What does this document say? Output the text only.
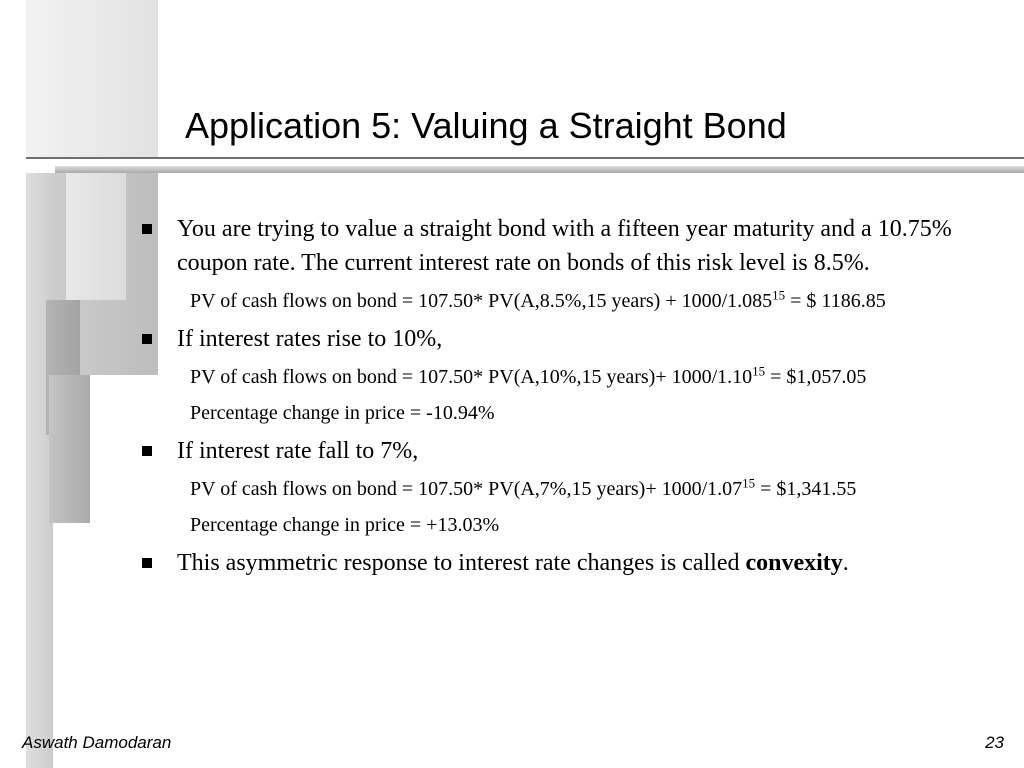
Application 5: Valuing a Straight Bond
You are trying to value a straight bond with a fifteen year maturity and a 10.75% coupon rate. The current interest rate on bonds of this risk level is 8.5%.
PV of cash flows on bond = 107.50* PV(A,8.5%,15 years) + $1000/1.085^{15}$ = $ 1186.85
If interest rates rise to 10%,
PV of cash flows on bond = 107.50* PV(A,10%,15 years)+ $1000/1.10^{15}$ = $1,057.05
Percentage change in price = -10.94%
If interest rate fall to 7%,
PV of cash flows on bond = 107.50* PV(A,7%,15 years)+ $1000/1.07^{15}$ = $1,341.55
Percentage change in price = +13.03%
This asymmetric response to interest rate changes is called convexity.
Aswath Damodaran	23
